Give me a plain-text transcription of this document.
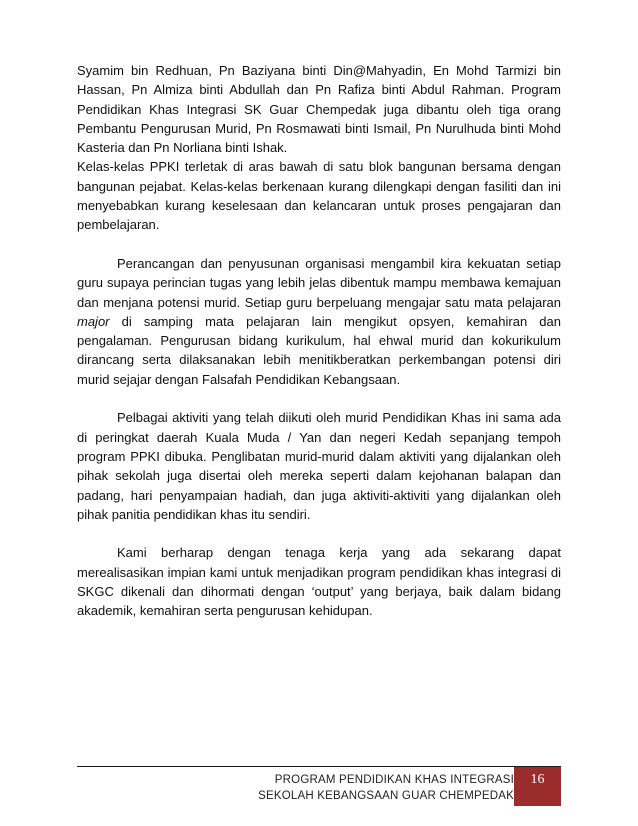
Syamim bin Redhuan, Pn Baziyana binti Din@Mahyadin, En Mohd Tarmizi bin Hassan, Pn Almiza binti Abdullah dan Pn Rafiza binti Abdul Rahman. Program Pendidikan Khas Integrasi SK Guar Chempedak juga dibantu oleh tiga orang Pembantu Pengurusan Murid, Pn Rosmawati binti Ismail, Pn Nurulhuda binti Mohd Kasteria dan Pn Norliana binti Ishak.

Kelas-kelas PPKI terletak di aras bawah di satu blok bangunan bersama dengan bangunan pejabat. Kelas-kelas berkenaan kurang dilengkapi dengan fasiliti dan ini menyebabkan kurang keselesaan dan kelancaran untuk proses pengajaran dan pembelajaran.

Perancangan dan penyusunan organisasi mengambil kira kekuatan setiap guru supaya perincian tugas yang lebih jelas dibentuk mampu membawa kemajuan dan menjana potensi murid. Setiap guru berpeluang mengajar satu mata pelajaran major di samping mata pelajaran lain mengikut opsyen, kemahiran dan pengalaman. Pengurusan bidang kurikulum, hal ehwal murid dan kokurikulum dirancang serta dilaksanakan lebih menitikberatkan perkembangan potensi diri murid sejajar dengan Falsafah Pendidikan Kebangsaan.

Pelbagai aktiviti yang telah diikuti oleh murid Pendidikan Khas ini sama ada di peringkat daerah Kuala Muda / Yan dan negeri Kedah sepanjang tempoh program PPKI dibuka. Penglibatan murid-murid dalam aktiviti yang dijalankan oleh pihak sekolah juga disertai oleh mereka seperti dalam kejohanan balapan dan padang, hari penyampaian hadiah, dan juga aktiviti-aktiviti yang dijalankan oleh pihak panitia pendidikan khas itu sendiri.

Kami berharap dengan tenaga kerja yang ada sekarang dapat merealisasikan impian kami untuk menjadikan program pendidikan khas integrasi di SKGC dikenali dan dihormati dengan ‘output’ yang berjaya, baik dalam bidang akademik, kemahiran serta pengurusan kehidupan.

PROGRAM PENDIDIKAN KHAS INTEGRASI
SEKOLAH KEBANGSAAN GUAR CHEMPEDAK
16
